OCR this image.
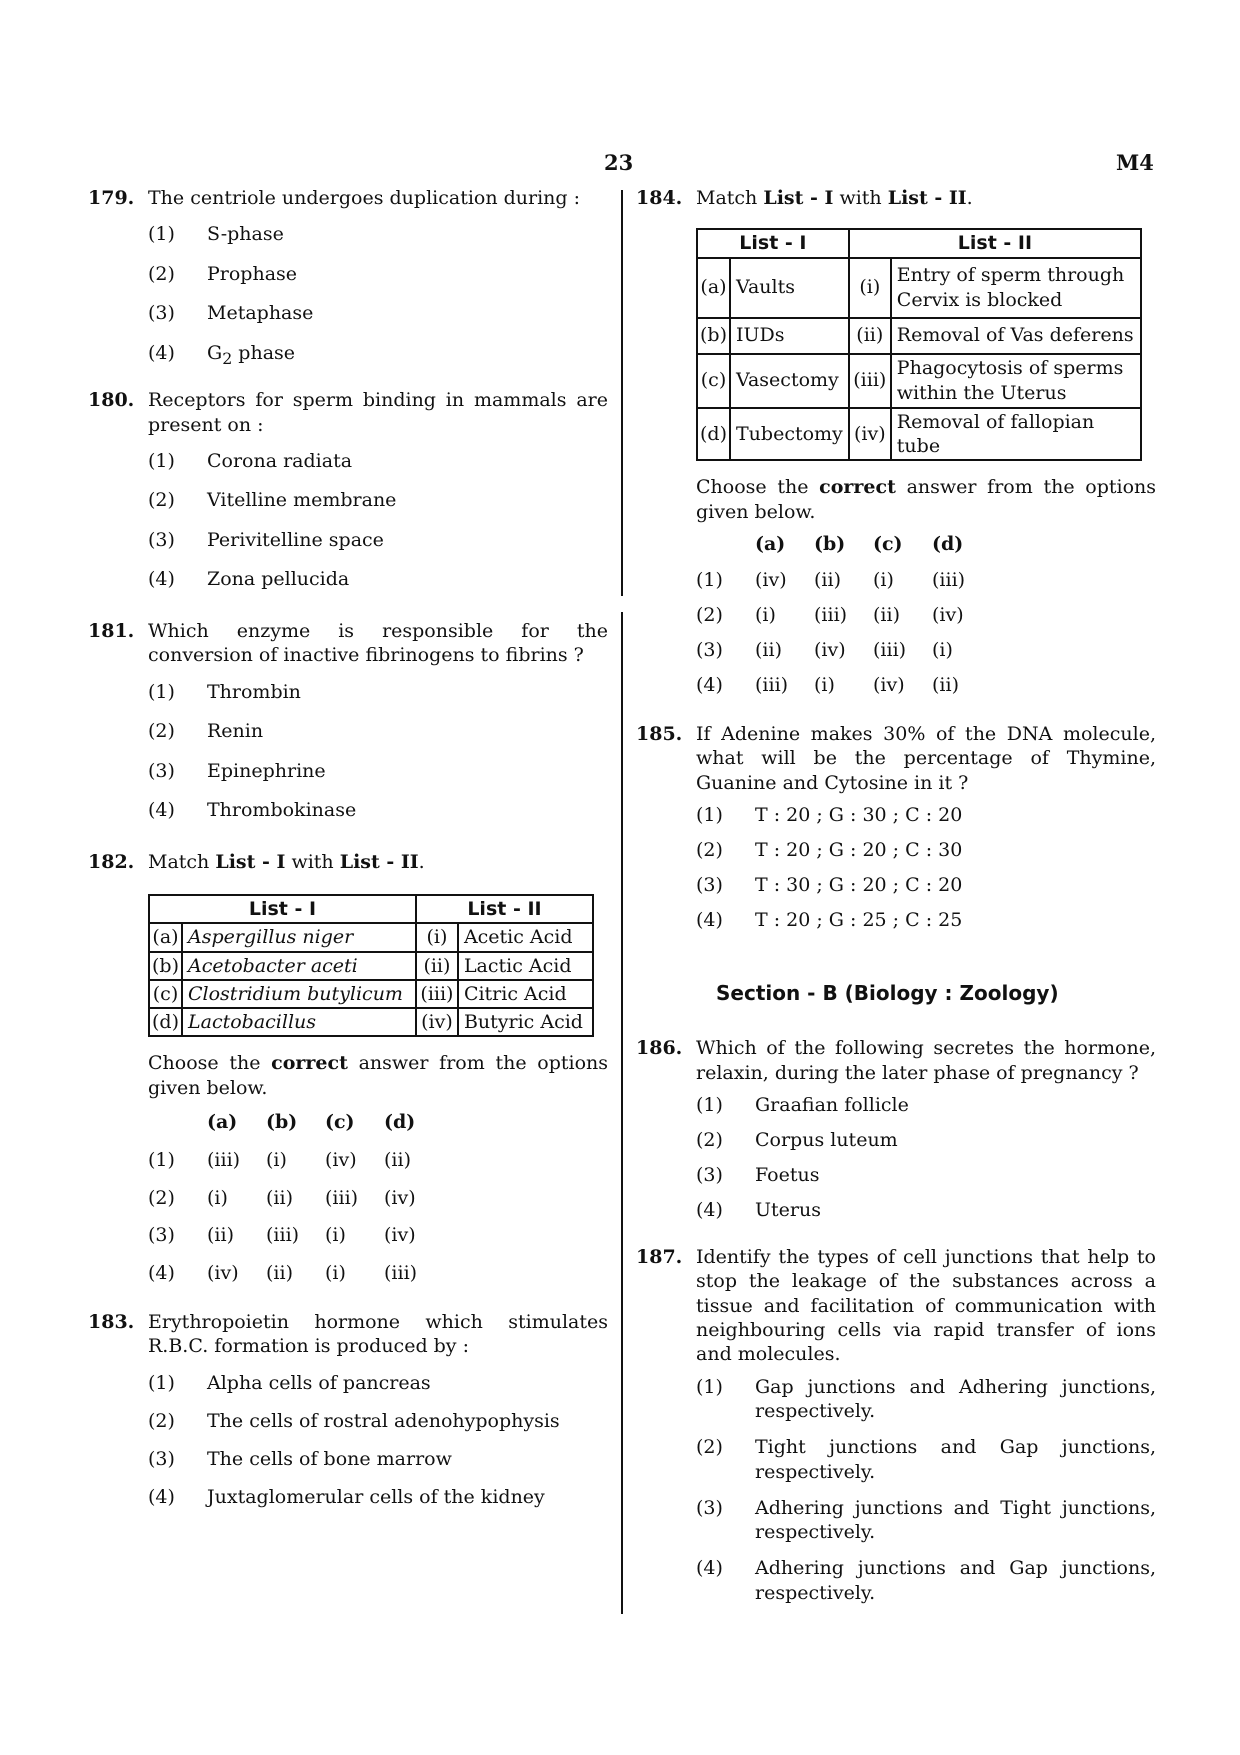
23	M4
179. The centriole undergoes duplication during :
(1)	S-phase
(2)	Prophase
(3)	Metaphase
(4)	$G_2$ phase
180. Receptors for sperm binding in mammals are present on :
(1)	Corona radiata
(2)	Vitelline membrane
(3)	Perivitelline space
(4)	Zona pellucida
181. Which enzyme is responsible for the conversion of inactive fibrinogens to fibrins ?
(1)	Thrombin
(2)	Renin
(3)	Epinephrine
(4)	Thrombokinase
182. Match List - I with List - II.
List - I		List - II	
(a)	Aspergillus niger	(i)	Acetic Acid
(b)	Acetobacter aceti	(ii)	Lactic Acid
(c)	Clostridium butylicum	(iii)	Citric Acid
(d)	Lactobacillus	(iv)	Butyric Acid
Choose the correct answer from the options given below.
(a)	(b)	(c)	(d)
(1)	(iii)	(i)	(iv)	(ii)
(2)	(i)	(ii)	(iii)	(iv)
(3)	(ii)	(iii)	(i)	(iv)
(4)	(iv)	(ii)	(i)	(iii)
183. Erythropoietin hormone which stimulates R.B.C. formation is produced by :
(1)	Alpha cells of pancreas
(2)	The cells of rostral adenohypophysis
(3)	The cells of bone marrow
(4)	Juxtaglomerular cells of the kidney
184. Match List - I with List - II.
List - I		List - II	
(a)	Vaults	(i)	Entry of sperm through Cervix is blocked
(b)	IUDs	(ii)	Removal of Vas deferens
(c)	Vasectomy	(iii)	Phagocytosis of sperms within the Uterus
(d)	Tubectomy	(iv)	Removal of fallopian tube
Choose the correct answer from the options given below.
(a)	(b)	(c)	(d)
(1)	(iv)	(ii)	(i)	(iii)
(2)	(i)	(iii)	(ii)	(iv)
(3)	(ii)	(iv)	(iii)	(i)
(4)	(iii)	(i)	(iv)	(ii)
185. If Adenine makes 30% of the DNA molecule, what will be the percentage of Thymine, Guanine and Cytosine in it ?
(1)	T : 20 ; G : 30 ; C : 20
(2)	T : 20 ; G : 20 ; C : 30
(3)	T : 30 ; G : 20 ; C : 20
(4)	T : 20 ; G : 25 ; C : 25
Section - B (Biology : Zoology)
186. Which of the following secretes the hormone, relaxin, during the later phase of pregnancy ?
(1)	Graafian follicle
(2)	Corpus luteum
(3)	Foetus
(4)	Uterus
187. Identify the types of cell junctions that help to stop the leakage of the substances across a tissue and facilitation of communication with neighbouring cells via rapid transfer of ions and molecules.
(1)	Gap junctions and Adhering junctions, respectively.
(2)	Tight junctions and Gap junctions, respectively.
(3)	Adhering junctions and Tight junctions, respectively.
(4)	Adhering junctions and Gap junctions, respectively.
